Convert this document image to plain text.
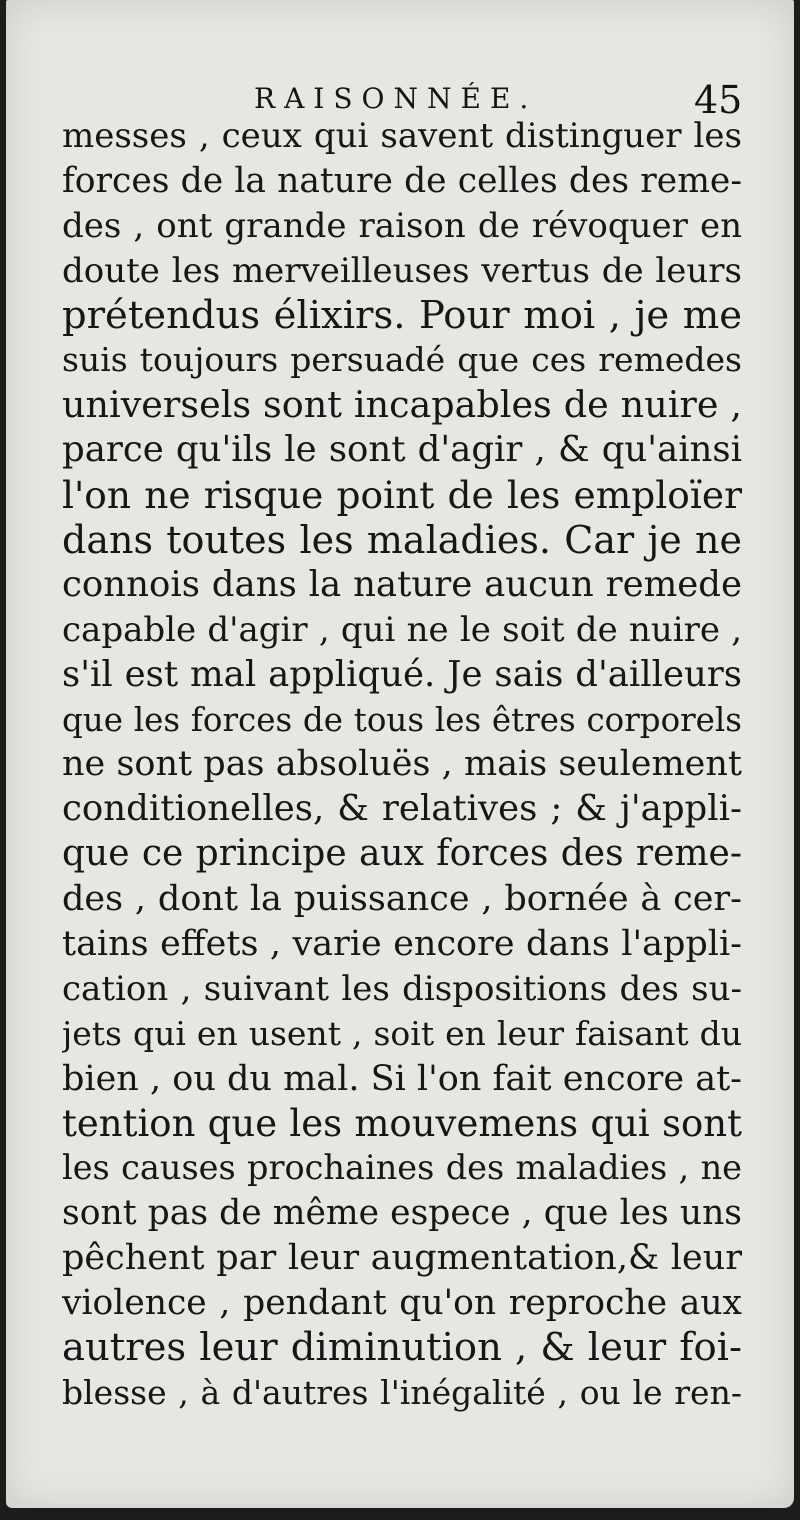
RAISONNÉE.	45
messes , ceux qui savent distinguer les
forces de la nature de celles des reme-
des , ont grande raison de révoquer en
doute les merveilleuses vertus de leurs
prétendus élixirs. Pour moi , je me
suis toujours persuadé que ces remedes
universels sont incapables de nuire ,
parce qu'ils le sont d'agir , & qu'ainsi
l'on ne risque point de les emploïer
dans toutes les maladies. Car je ne
connois dans la nature aucun remede
capable d'agir , qui ne le soit de nuire ,
s'il est mal appliqué. Je sais d'ailleurs
que les forces de tous les êtres corporels
ne sont pas absoluës , mais seulement
conditionelles, & relatives ; & j'appli-
que ce principe aux forces des reme-
des , dont la puissance , bornée à cer-
tains effets , varie encore dans l'appli-
cation , suivant les dispositions des su-
jets qui en usent , soit en leur faisant du
bien , ou du mal. Si l'on fait encore at-
tention que les mouvemens qui sont
les causes prochaines des maladies , ne
sont pas de même espece , que les uns
pêchent par leur augmentation,& leur
violence , pendant qu'on reproche aux
autres leur diminution , & leur foi-
blesse , à d'autres l'inégalité , ou le ren-
